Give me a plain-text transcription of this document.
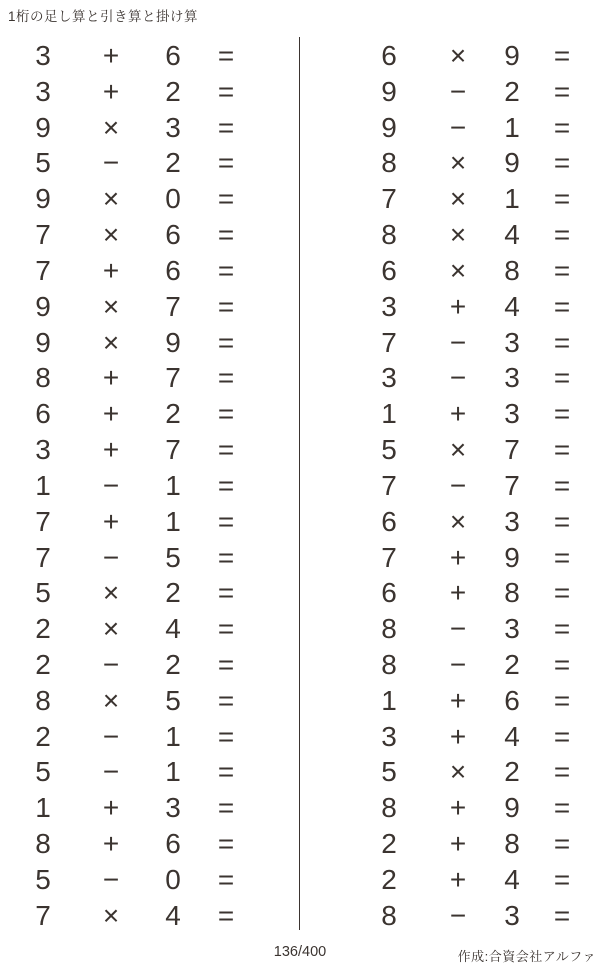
1桁の足し算と引き算と掛け算
3 + 6 =
3 + 2 =
9 × 3 =
5 − 2 =
9 × 0 =
7 × 6 =
7 + 6 =
9 × 7 =
9 × 9 =
8 + 7 =
6 + 2 =
3 + 7 =
1 − 1 =
7 + 1 =
7 − 5 =
5 × 2 =
2 × 4 =
2 − 2 =
8 × 5 =
2 − 1 =
5 − 1 =
1 + 3 =
8 + 6 =
5 − 0 =
7 × 4 =
6 × 9 =
9 − 2 =
9 − 1 =
8 × 9 =
7 × 1 =
8 × 4 =
6 × 8 =
3 + 4 =
7 − 3 =
3 − 3 =
1 + 3 =
5 × 7 =
7 − 7 =
6 × 3 =
7 + 9 =
6 + 8 =
8 − 3 =
8 − 2 =
1 + 6 =
3 + 4 =
5 × 2 =
8 + 9 =
2 + 8 =
2 + 4 =
8 − 3 =
136/400	作成:合資会社アルファ
